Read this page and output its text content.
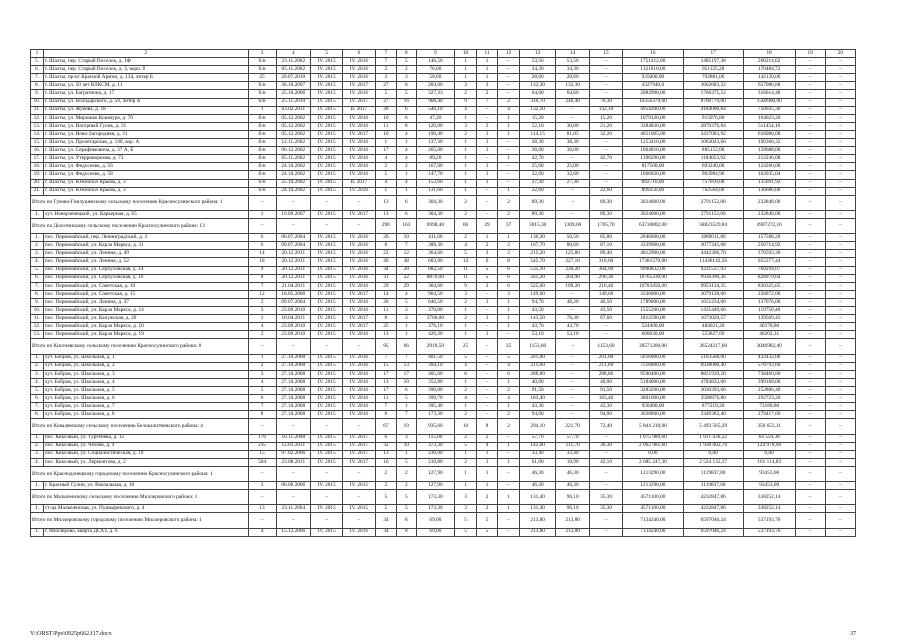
1	2	3	4	5	6	7	8	9	10	11	12	13	14	15	16	17	18	19	20
5.	г. Шахты, пер. Старый Поселок, д. 1Ф	б/н	23.11.2002	IV. 2015	IV. 2016	7	5	146,56	1	1	–	53,56	53,56	–	1751412,00	1485197,38	266214,62	–	–
6.	г. Шахты, пер. Старый Поселок, д. 3, корп. б	б/н	05.11.2002	IV. 2015	IV. 2016	2	2	76,60	1	1	–	34,30	34,30	–	1121610,00	951125,28	170484,72	–	–
7.	г. Шахты, пр-кт Красной Армии, д. 134, литер Б	25	20.07.2010	IV. 2015	IV. 2016	3	3	58,60	1	1	–	28,60	28,60	–	935000,00	792881,00	142120,00	–	–
8.	г. Шахты, ул. 50 лет ВЛКСМ, д. 11	б/н	30.10.2007	IV. 2015	IV. 2017	27	6	284,00	3	3	–	132,30	132,30	–	4327940,0	3662683,32	657086,88	–	–
9.	г. Шахты, ул. Багратиона, д. 17	б/н	25.10.2006	IV. 2015	IV. 2016	5	5	327,33	2	2	–	64,60	64,60	–	2082990,00	1766375,52	316614,48	–	–
10.	г. Шахты, ул. Володарского, д. 59, литер А	б/н	25.11.2010	IV. 2015	IV. 2017	27	16	968,40	9	7	2	316,70	246,40	70,30	10356379,00	8706779,00	1560900,00	–	–
11.	г. Шахты, ул. Жукова, д. 18	1	03.02.2011	IV. 2015	II. 2017	26	6	546,10	4	–	4	132,10	–	132,10	4954200,00	4184006,64	750035,36	–	–
12.	г. Шахты, ул. Мирошко Кошмура, д. 70	б/н	05.12.2002	IV. 2015	IV. 2016	10	6	47,20	1	–	1	15,20	–	15,20	1079120,00	915076,80	164023,20	–	–
13.	г. Шахты, ул. Нагорный Гулик, д. 31	б/н	05.12.2002	IV. 2015	IV. 2016	11	8	126,00	3	2	1	52,10	30,00	21,20	3384830,00	2870376,84	511454,16	–	–
14.	г. Шахты, ул. Ново-Загородняя, д. 31	б/н	05.12.2002	IV. 2015	IV. 2017	10	4	190,40	2	1	1	114,15	81,85	32,20	4051065,00	3437083,92	616080,08	–	–
15.	г. Шахты, ул. Пролетарская, д. 140, кор. А	б/н	12.11.2002	IV. 2015	IV. 2016	1	1	137,30	1	1	–	38,30	38,30	–	1253410,00	1063043,66	190366,32	–	–
16.	г. Шахты, ул. Серафимовича, д. 37 А, Б	б/н	06.12.2002	IV. 2015	IV. 2016	17	4	265,00	1	1	–	36,00	36,00	–	1064810,00	885152,00	158688,00	–	–
17.	г. Шахты, ул. Утерриворнова, д. 73	б/н	05.11.2002	IV. 2015	IV. 2016	4	4	89,20	1	–	1	42,70	–	42,70	1396290,00	1184053,92	212236,08	–	–
18.	г. Шахты, ул. Федосеева, д. 56	б/н	24.10.2002	IV. 2015	IV. 2016	2	2	167,00	1	1	–	25,00	25,00	–	817500,00	693240,00	124260,00	–	–
19.	г. Шахты, ул. Федосеева, д. 58	б/н	24.10.2002	IV. 2015	IV. 2016	5	1	147,70	1	1	–	32,60	32,60	–	1066020,00	903984,96	162035,04	–	–
20.	г. Шахты, ул. Южнопол Крыма, д. 3	б/н	25.10.2002	IV. 2015	II. 2017	4	4	153,60	1	1	–	27,30	27,30	–	892710,00	757018,08	135691,92	–	–
21.	г. Шахты, ул. Южнопол Крыма, д. 3	б/н	24.10.2002	IV. 2015	IV. 2016	1	1	131,60	1	–	1	22,60	–	22,60	899250,00	762564,00	136686,00	–	–
Итого по Гуково-Гнилушевскому сельскому поселению Красносулинского района: 1		–	–	–	–	13	6	304,30	2	–	2	89,30	–	89,30	3024000,00	2791152,00	232848,00	–	–
1.	хут. Новорзенецкий, ул. Карьерная, д. 65	1	10.09.2007	IV. 2015	IV. 2017	13	6	304,30	2	–	2	89,30	–	89,30	3024000,00	2791152,00	232848,00	–	–
Итого по Долотинскому сельскому поселению Красносулинского района: 13		–	–	–	–	290	163	6998,40	66	29	37	3015,30	1309,60	1705,70	63730802,00	58823529,84	4907272,16	–	–
1.	пос. Первомайский, пер. Ленинградский, д. 3	6	06.07.2004	IV. 2015	IV. 2016	26	10	411,60	2	1	1	136,30	50,50	85,80	2046600,00	1889011,80	157588,20	–	–
2.	пос. Первомайский, ул. Карла Маркса, д. 31	6	09.07.2004	IV. 2015	IV. 2016	8	7	388,30	4	2	2	167,70	80,60	87,10	3339960,00	3077245,08	256714,92	–	–
3.	пос. Первомайский, ул. Ленина, д. 49	14	20.12.2011	IV. 2015	IV. 2016	22	12	364,60	5	3	2	215,20	125,80	89,40	4812900,00	4442306,70	370593,30	–	–
4.	пос. Первомайский, ул. Ленина, д. 52	18	20.12.2011	IV. 2015	IV. 2016	40	38	603,90	14	6	8	545,70	227,10	318,60	17381570,00	11436142,56	955377,44	–	–
5.	пос. Первомайский, ул. Серпуховская, д. 14	9	20.12.2011	IV. 2015	IV. 2016	34	28	882,50	11	5	6	535,10	230,20	304,90	9990832,00	9221537,93	769294,07	–	–
6.	пос. Первомайский, ул. Серпуховская, д. 16	8	20.12.2011	IV. 2015	IV. 2016	31	22	8870,00	11	5	6	561,20	264,90	296,30	10765330,00	9936390,36	828979,64	–	–
7.	пос. Первомайский, ул. Советская, д. 10	7	21.04.2011	IV. 2015	IV. 2016	29	29	304,60	9	3	6	525,60	109,20	216,40	10783450,00	9953124,35	830325,65	–	–
8.	пос. Первомайский, ул. Советская, д. 15	12	18.05.2006	IV. 2015	IV. 2017	14	4	904,50	3	–	3	149,60	–	149,60	3336000,00	3079128,00	256872,00	–	–
9.	пос. Первомайский, ул. Ленина, д. 47	2	09.07.2004	IV. 2015	IV. 2016	26	5	646,50	2	1	1	94,70	48,20	46,50	1789000,00	1651234,00	137676,00	–	–
10.	пос. Первомайский, ул. Карла Маркса, д. 14	3	23.09.2010	IV. 2015	IV. 2016	11	3	370,00	1	–	1	43,50	–	43,50	1555200,00	1435449,60	119750,40	–	–
11.	пос. Первомайский, ул. Калужская, д. 20	1	10.04.2011	IV. 2015	IV. 2017	8	3	3760,00	2	1	1	143,50	76,30	67,60	1812590,00	1673020,57	139569,43	–	–
12.	пос. Первомайский, ул. Карла Маркса, д. 10	4	23.09.2010	IV. 2015	IV. 2017	25	1	376,10	1	–	1	43,70	43,70	–	524400,00	484021,20	40378,80	–	–
13.	пос. Первомайский, ул. Карла Маркса, д. 19	2	23.09.2010	IV. 2015	IV. 2016	13	1	426,20	1	1	–	53,10	53,10	–	600030,00	553827,69	46202,31	–	–
Итого по Киселевскому сельскому поселению Красносулинского района: 8		–	–	–	–	95	66	2918,50	25	–	25	1153,60	–	1153,60	39571200,00	36524217,60	3046982,40	–	–
1.	хут. Бобров, ул. Школьная, д. 1	1	27.10.2008	IV. 2015	IV. 2016	7	7	401,50	5	–	5	201,00	–	201,00	5616000,00	5183568,00	432432,00	–	–
2.	хут. Бобров, ул. Школьная, д. 2	2	27.10.2008	IV. 2015	IV. 2016	15	13	394,10	4	–	4	211,60	–	211,60	7516800,00	6938006,40	578793,60	–	–
3.	хут. Бобров, ул. Школьная, д. 3	3	27.10.2008	IV. 2015	IV. 2016	17	17	405,60	6	–	6	288,80	–	288,80	9590400,00	8851939,20	738460,80	–	–
4.	хут. Бобров, ул. Школьная, д. 4	4	27.10.2008	IV. 2015	IV. 2016	13	10	352,80	1	–	1	40,00	–	40,00	5184000,00	4784832,00	399168,00	–	–
5.	хут. Бобров, ул. Школьная, д. 5	5	27.10.2008	IV. 2015	IV. 2016	17	6	396,00	2	–	2	91,50	–	91,50	3283200,00	3030393,60	252806,40	–	–
6.	хут. Бобров, ул. Школьная, д. 6	6	27.10.2008	IV. 2015	IV. 2016	11	5	399,70	4	–	4	183,40	–	183,40	3801600,00	3508876,80	292723,20	–	–
7.	хут. Бобров, ул. Школьная, д. 7	7	27.10.2008	IV. 2015	IV. 2016	7	1	395,40	1	–	1	43,30	–	43,30	950400,00	877219,20	73180,80	–	–
8.	хут. Бобров, ул. Школьная, д. 8	8	27.10.2008	IV. 2015	IV. 2016	8	7	173,30	2	–	2	94,00	–	94,00	3628800,00	3349382,40	279417,60	–	–
Итого по Ковалевскому сельскому поселению Белокалитвинского района: 4		–	–	–	–	67	19	935,60	10	8	2	294,10	221,70	72,40	5 844 218,00	5 493 565,29	350 653,11	–	–
1.	пос. Коксовый, ул. Тургенева, д. 15	176	10.11.2008	IV. 2015	IV. 2017	6	3	115,00	2	2	–	57,70	57,70	–	1 075 989,60	1 011 430,22	64 559,38	–	–
2.	пос. Коксовый, ул. Чехова, д. 4	235	12.01.2011	IV. 2015	IV. 2017	32	10	373,30	5	4	1	142,00	111,70	30,30	2 062 981,60	1 938 002,70	124 978,90	–	–
3.	пос. Коксовый, ул. Социалистическая, д. 19	15	07.02.2006	IV. 2015	IV. 2017	13	1	236,00	1	1	–	33,40	33,40	–	0,00	0,00	0,00	–	–
4.	пос. Коксовый, ул. Лермонтова, д. 2	564	23.08.2011	IV. 2015	IV. 2017	16	5	210,80	2	1	1	61,00	18,90	42,10	2 685 247,30	2 524 132,37	161 114,83	–	–
Итого по Краснодонецкому городскому поселению Красносулинского района: 1		–	–	–	–	2	2	127,90	1	1	–	46,30	46,30	–	1213290,00	1119837,00	93453,00	–	–
1.	г. Красный Сулин, ул. Вокзальная, д. 18	3	06.06.2006	IV. 2015	IV. 2015	2	2	127,90	1	1	–	46,30	46,30	–	1213290,00	1119837,00	93453,00	–	–
Итого по Малыченскому сельскому поселению Миллеровского района: 1		–	–	–	–	5	5	173,30	3	2	1	131,40	96,10	35,30	4571100,00	4232847,86	338252,14	–	–
1.	ст-ца Малыченская, ул. Пушкаревского, д. 4	13	23.11.2004	IV. 2015	IV. 2015	5	5	173,30	3	2	1	131,40	96,10	35,30	4571100,00	4232847,86	338252,14	–	–
Итого по Миллеровскому городскому поселению Миллеровского района: 1		–	–	–	–	34	8	69,00	5	5	–	213,80	213,80	–	7134240,00	6597046,24	537193,76	–	–
1.	г. Миллерово, кварта ДСХТ, д. 6	4	15.12.2006	IV. 2015	IV. 2016	34	8	69,00	5	5	–	213,80	213,80	–	7134240,00	6597046,24	537193,76	–	–
Y:\ORST\Ppo\0925p662.f17.docx	37
